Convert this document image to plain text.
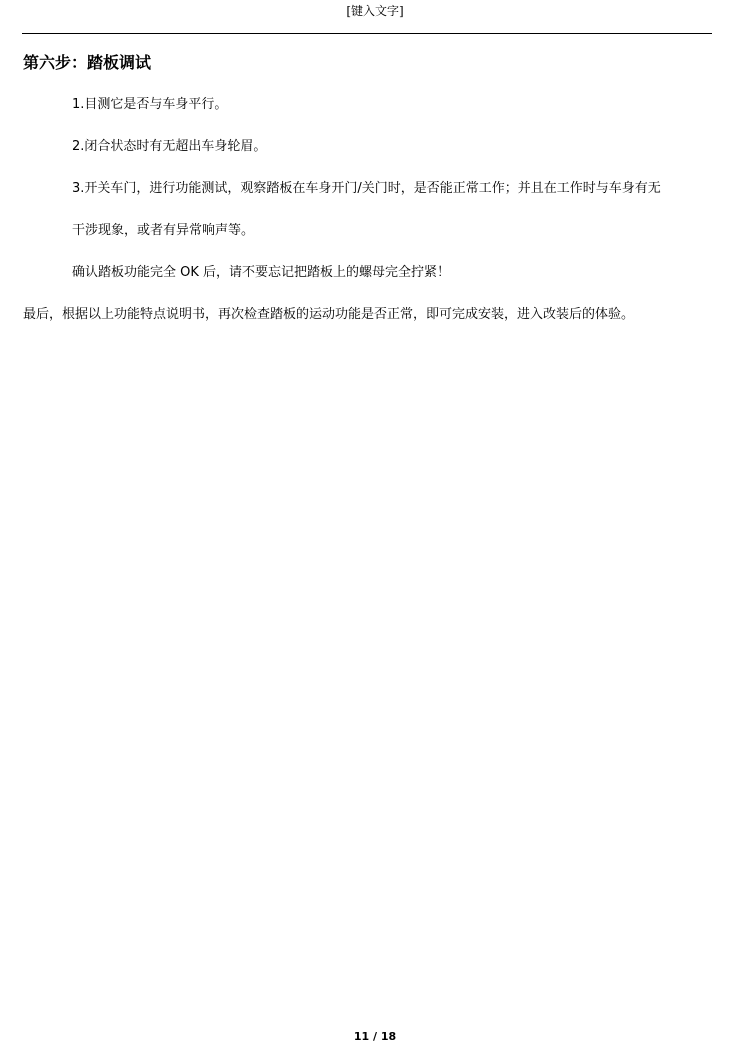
[键入文字]
第六步：踏板调试
1.目测它是否与车身平行。
2.闭合状态时有无超出车身轮眉。
3.开关车门，进行功能测试，观察踏板在车身开门/关门时，是否能正常工作；并且在工作时与车身有无
干涉现象，或者有异常响声等。
确认踏板功能完全 OK 后，请不要忘记把踏板上的螺母完全拧紧！
最后，根据以上功能特点说明书，再次检查踏板的运动功能是否正常，即可完成安装，进入改装后的体验。
11 / 18
